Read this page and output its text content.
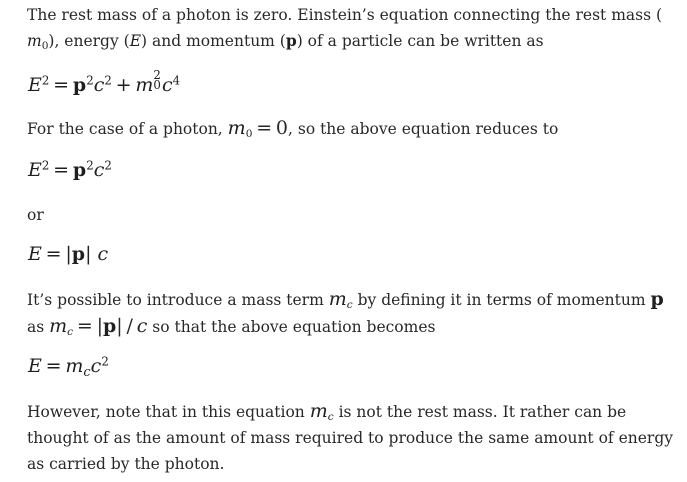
The rest mass of a photon is zero. Einstein’s equation connecting the rest mass (
$m_0$), energy (E) and momentum (p) of a particle can be written as
$E^2 = p^2c^2 + m$ 2
0 $c^4$
For the case of a photon, $m_0 = 0$, so the above equation reduces to
$E^2 = p^2c^2$
or
E = |p| c
It’s possible to introduce a mass term $m_c$ by defining it in terms of momentum p
as $m_c = |p| / c$ so that the above equation becomes
$E = m_cc^2$
However, note that in this equation $m_c$ is not the rest mass. It rather can be
thought of as the amount of mass required to produce the same amount of energy
as carried by the photon.
